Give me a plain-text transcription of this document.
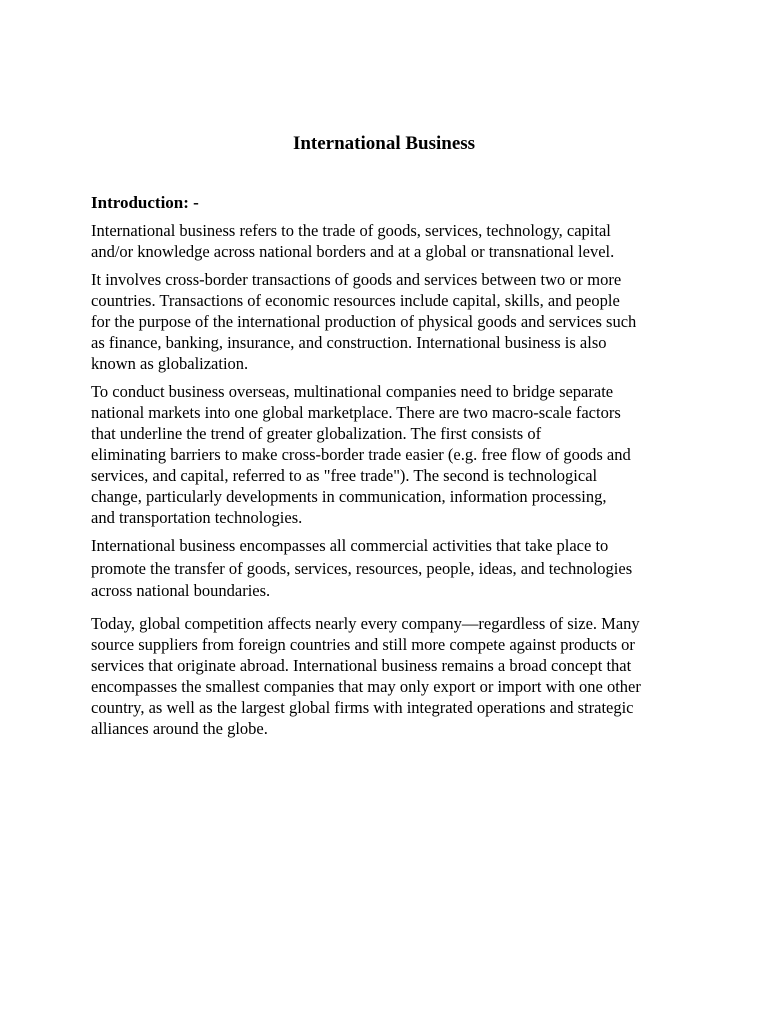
International Business
Introduction: -

International business refers to the trade of goods, services, technology, capital
and/or knowledge across national borders and at a global or transnational level.

It involves cross-border transactions of goods and services between two or more
countries. Transactions of economic resources include capital, skills, and people
for the purpose of the international production of physical goods and services such
as finance, banking, insurance, and construction. International business is also
known as globalization.

To conduct business overseas, multinational companies need to bridge separate
national markets into one global marketplace. There are two macro-scale factors
that underline the trend of greater globalization. The first consists of
eliminating barriers to make cross-border trade easier (e.g. free flow of goods and
services, and capital, referred to as "free trade"). The second is technological
change, particularly developments in communication, information processing,
and transportation technologies.

International business encompasses all commercial activities that take place to
promote the transfer of goods, services, resources, people, ideas, and technologies
across national boundaries.

Today, global competition affects nearly every company—regardless of size. Many
source suppliers from foreign countries and still more compete against products or
services that originate abroad. International business remains a broad concept that
encompasses the smallest companies that may only export or import with one other
country, as well as the largest global firms with integrated operations and strategic
alliances around the globe.
